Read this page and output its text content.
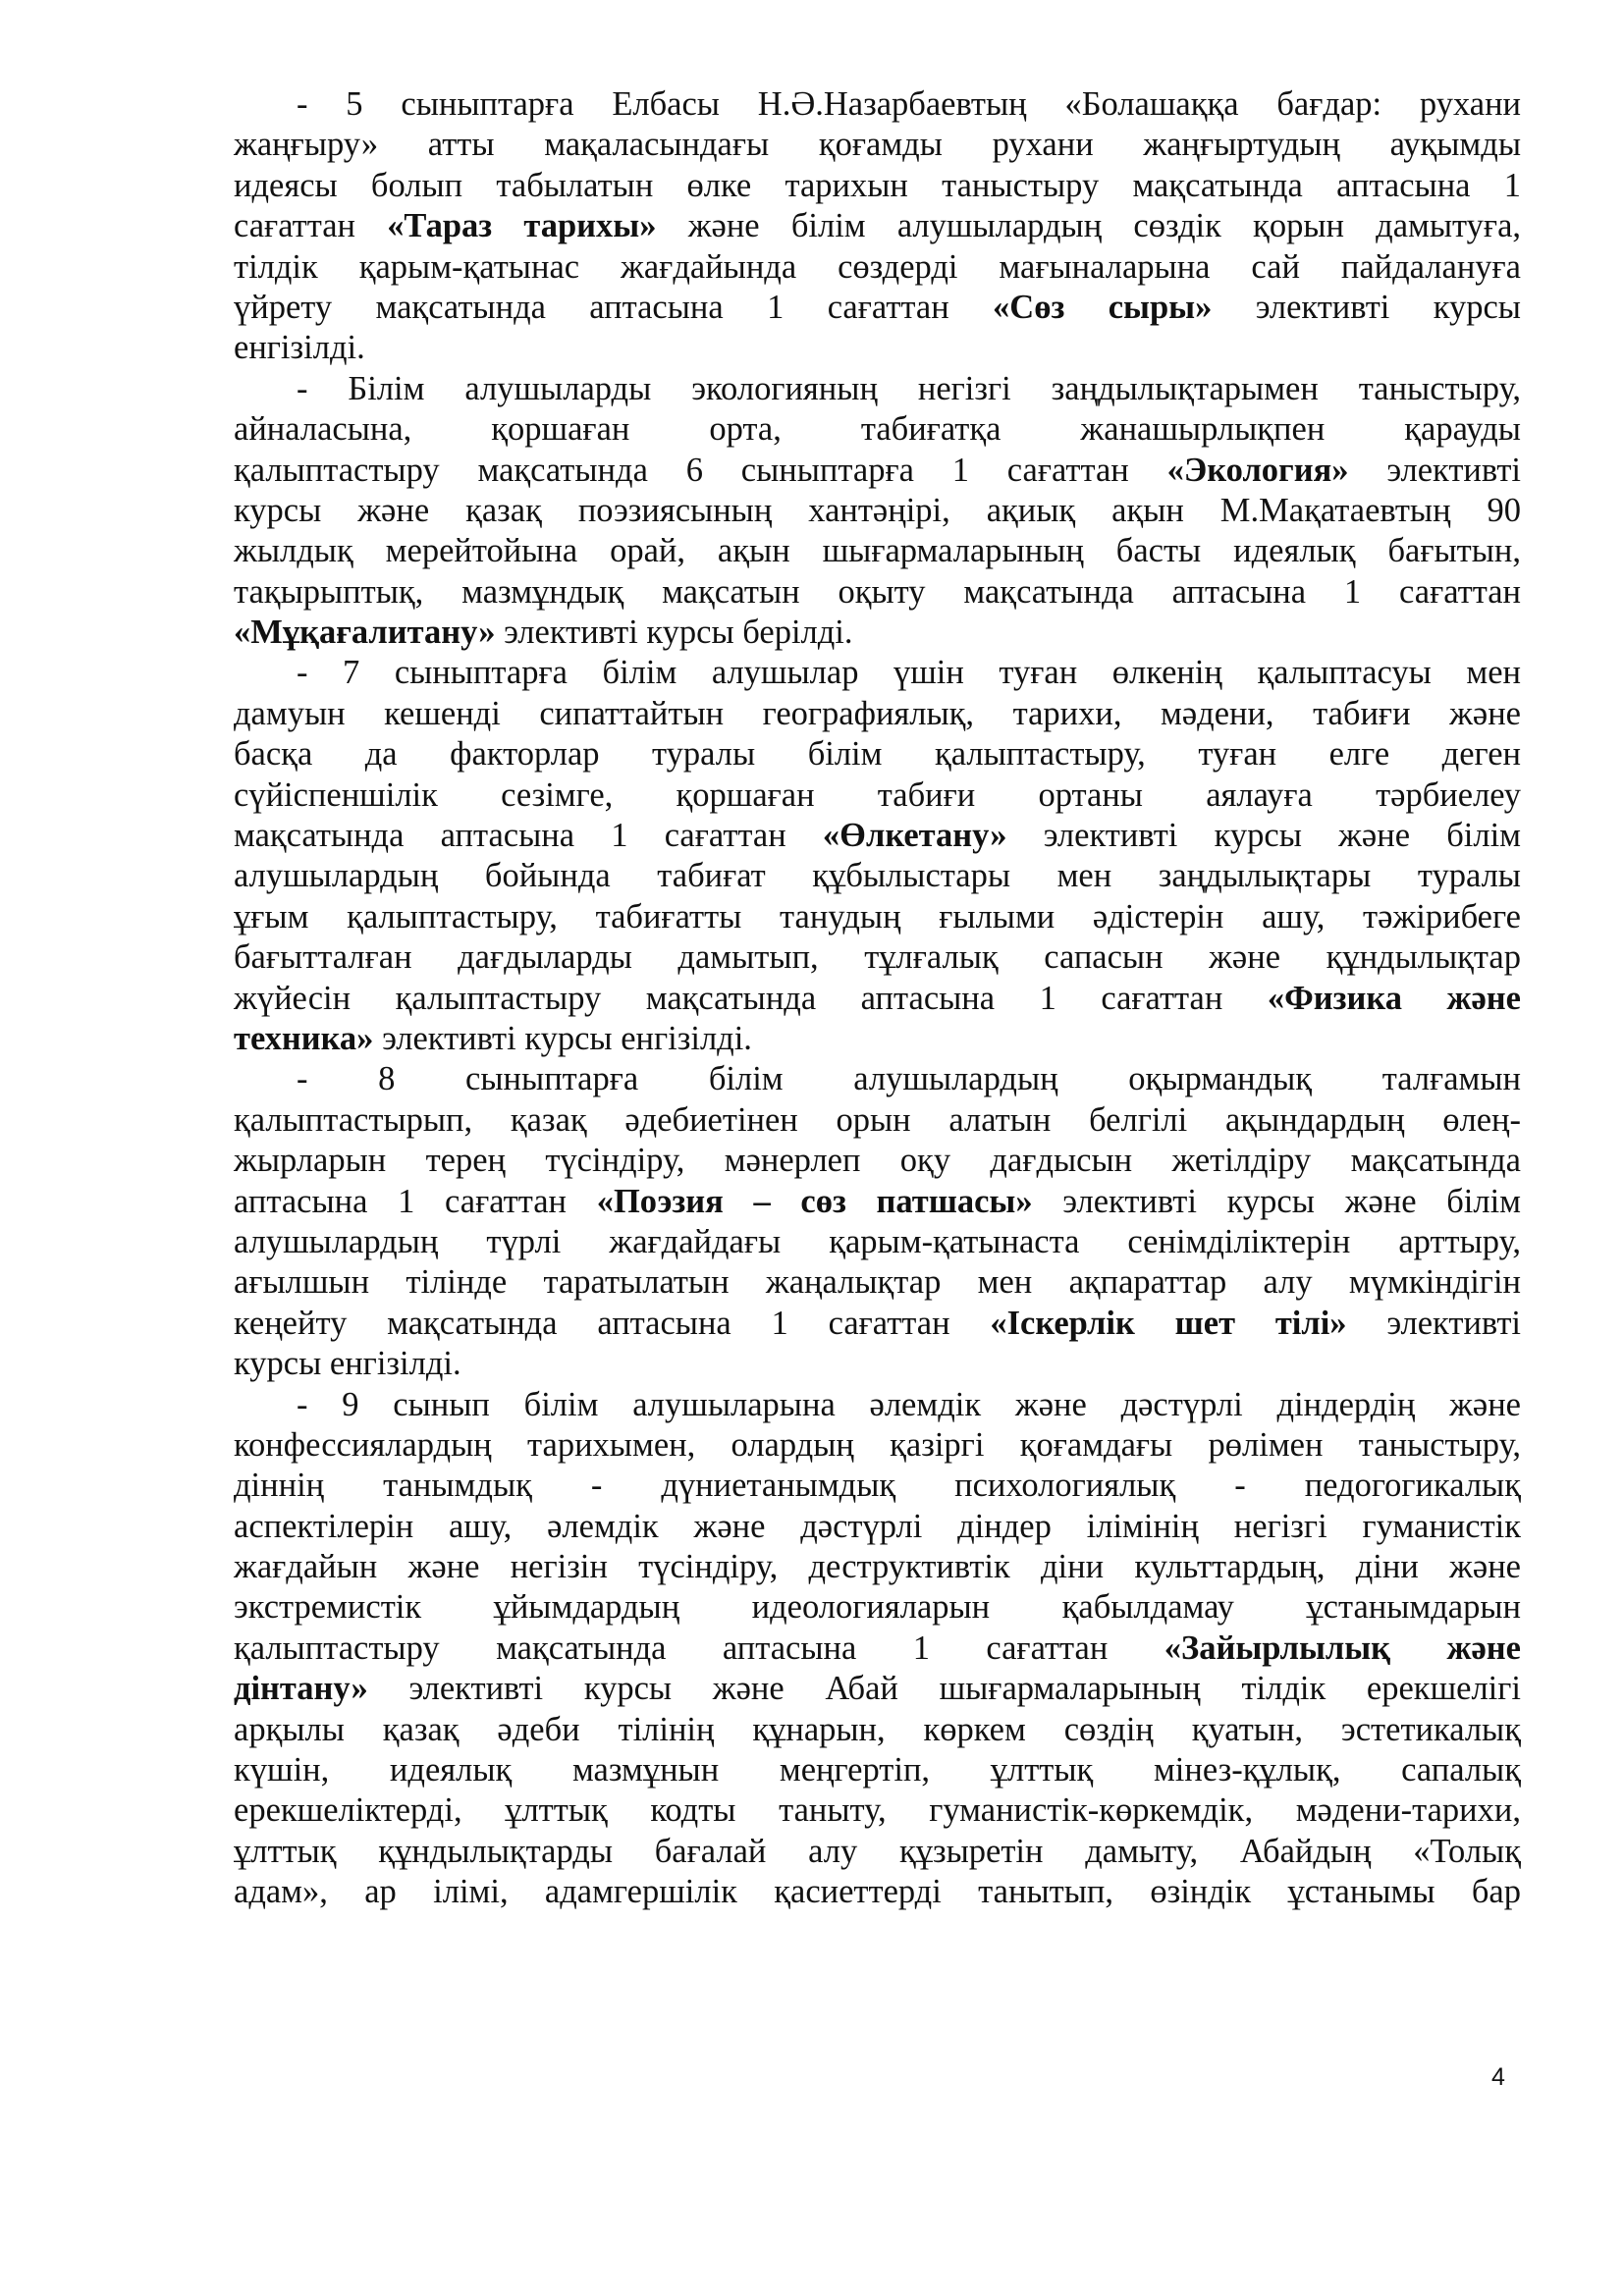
- 5 сыныптарға Елбасы Н.Ә.Назарбаевтың «Болашаққа бағдар: рухани
жаңғыру» атты мақаласындағы қоғамды рухани жаңғыртудың ауқымды
идеясы болып табылатын өлке тарихын таныстыру мақсатында аптасына 1
сағаттан «Тараз тарихы» және білім алушылардың сөздік қорын дамытуға,
тілдік қарым-қатынас жағдайында сөздерді мағыналарына сай пайдалануға
үйрету мақсатында аптасына 1 сағаттан «Сөз сыры» элективті курсы
енгізілді.
- Білім алушыларды экологияның негізгі заңдылықтарымен таныстыру,
айналасына, қоршаған орта, табиғатқа жанашырлықпен қарауды
қалыптастыру мақсатында 6 сыныптарға 1 сағаттан «Экология» элективті
курсы және қазақ поэзиясының хантәңірі, ақиық ақын М.Мақатаевтың 90
жылдық мерейтойына орай, ақын шығармаларының басты идеялық бағытын,
тақырыптық, мазмұндық мақсатын оқыту мақсатында аптасына 1 сағаттан
«Мұқағалитану» элективті курсы берілді.
- 7 сыныптарға білім алушылар үшін туған өлкенің қалыптасуы мен
дамуын кешенді сипаттайтын географиялық, тарихи, мәдени, табиғи және
басқа да факторлар туралы білім қалыптастыру, туған елге деген
сүйіспеншілік сезімге, қоршаған табиғи ортаны аялауға тәрбиелеу
мақсатында аптасына 1 сағаттан «Өлкетану» элективті курсы және білім
алушылардың бойында табиғат құбылыстары мен заңдылықтары туралы
ұғым қалыптастыру, табиғатты танудың ғылыми әдістерін ашу, тәжірибеге
бағытталған дағдыларды дамытып, тұлғалық сапасын және құндылықтар
жүйесін қалыптастыру мақсатында аптасына 1 сағаттан «Физика және
техника» элективті курсы енгізілді.
- 8 сыныптарға білім алушылардың оқырмандық талғамын
қалыптастырып, қазақ әдебиетінен орын алатын белгілі ақындардың өлең-
жырларын терең түсіндіру, мәнерлеп оқу дағдысын жетілдіру мақсатында
аптасына 1 сағаттан «Поэзия – сөз патшасы» элективті курсы және білім
алушылардың түрлі жағдайдағы қарым-қатынаста сенімділіктерін арттыру,
ағылшын тілінде таратылатын жаңалықтар мен ақпараттар алу мүмкіндігін
кеңейту мақсатында аптасына 1 сағаттан «Іскерлік шет тілі» элективті
курсы енгізілді.
- 9 сынып білім алушыларына әлемдік және дәстүрлі діндердің және
конфессиялардың тарихымен, олардың қазіргі қоғамдағы рөлімен таныстыру,
діннің танымдық - дүниетанымдық психологиялық - педогогикалық
аспектілерін ашу, әлемдік және дәстүрлі діндер ілімінің негізгі гуманистік
жағдайын және негізін түсіндіру, деструктивтік діни культтардың, діни және
экстремистік ұйымдардың идеологияларын қабылдамау ұстанымдарын
қалыптастыру мақсатында аптасына 1 сағаттан «Зайырлылық және
дінтану» элективті курсы және Абай шығармаларының тілдік ерекшелігі
арқылы қазақ әдеби тілінің құнарын, көркем сөздің қуатын, эстетикалық
күшін, идеялық мазмұнын меңгертіп, ұлттық мінез-құлық, сапалық
ерекшеліктерді, ұлттық кодты таныту, гуманистік-көркемдік, мәдени-тарихи,
ұлттық құндылықтарды бағалай алу құзыретін дамыту, Абайдың «Толық
адам», ар ілімі, адамгершілік қасиеттерді танытып, өзіндік ұстанымы бар
4
